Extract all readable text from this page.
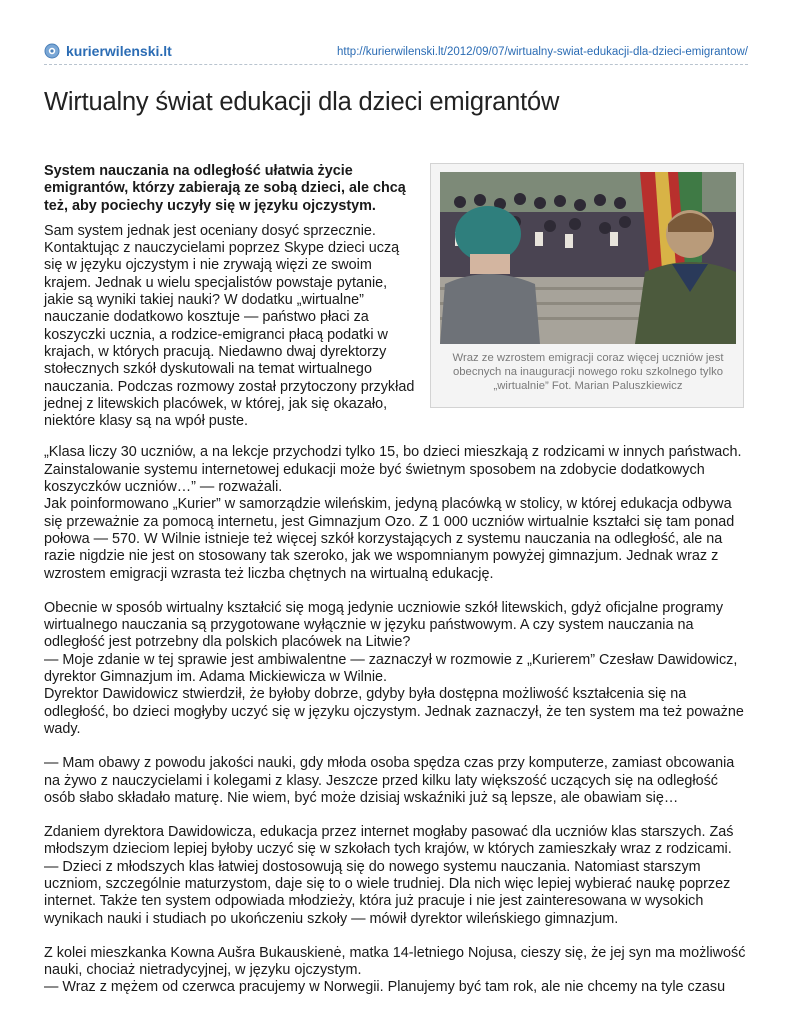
kurierwilenski.lt	http://kurierwilenski.lt/2012/09/07/wirtualny-swiat-edukacji-dla-dzieci-emigrantow/
Wirtualny świat edukacji dla dzieci emigrantów

System nauczania na odległość ułatwia życie emigrantów, którzy zabierają ze sobą dzieci, ale chcą też, aby pociechy uczyły się w języku ojczystym.

Sam system jednak jest oceniany dosyć sprzecznie. Kontaktując z nauczycielami poprzez Skype dzieci uczą się w języku ojczystym i nie zrywają więzi ze swoim krajem. Jednak u wielu specjalistów powstaje pytanie, jakie są wyniki takiej nauki? W dodatku „wirtualne” nauczanie dodatkowo kosztuje — państwo płaci za koszyczki ucznia, a rodzice-emigranci płacą podatki w krajach, w których pracują. Niedawno dwaj dyrektorzy stołecznych szkół dyskutowali na temat wirtualnego nauczania. Podczas rozmowy został przytoczony przykład jednej z litewskich placówek, w której, jak się okazało, niektóre klasy są na wpół puste.

Wraz ze wzrostem emigracji coraz więcej uczniów jest obecnych na inauguracji nowego roku szkolnego tylko „wirtualnie” Fot. Marian Paluszkiewicz

„Klasa liczy 30 uczniów, a na lekcje przychodzi tylko 15, bo dzieci mieszkają z rodzicami w innych państwach. Zainstalowanie systemu internetowej edukacji może być świetnym sposobem na zdobycie dodatkowych koszyczków uczniów…” — rozważali.

Jak poinformowano „Kurier” w samorządzie wileńskim, jedyną placówką w stolicy, w której edukacja odbywa się przeważnie za pomocą internetu, jest Gimnazjum Ozo. Z 1 000 uczniów wirtualnie kształci się tam ponad połowa — 570. W Wilnie istnieje też więcej szkół korzystających z systemu nauczania na odległość, ale na razie nigdzie nie jest on stosowany tak szeroko, jak we wspomnianym powyżej gimnazjum. Jednak wraz z wzrostem emigracji wzrasta też liczba chętnych na wirtualną edukację.

Obecnie w sposób wirtualny kształcić się mogą jedynie uczniowie szkół litewskich, gdyż oficjalne programy wirtualnego nauczania są przygotowane wyłącznie w języku państwowym. A czy system nauczania na odległość jest potrzebny dla polskich placówek na Litwie?

— Moje zdanie w tej sprawie jest ambiwalentne — zaznaczył w rozmowie z „Kurierem” Czesław Dawidowicz, dyrektor Gimnazjum im. Adama Mickiewicza w Wilnie.

Dyrektor Dawidowicz stwierdził, że byłoby dobrze, gdyby była dostępna możliwość kształcenia się na odległość, bo dzieci mogłyby uczyć się w języku ojczystym. Jednak zaznaczył, że ten system ma też poważne wady.

— Mam obawy z powodu jakości nauki, gdy młoda osoba spędza czas przy komputerze, zamiast obcowania na żywo z nauczycielami i kolegami z klasy. Jeszcze przed kilku laty większość uczących się na odległość osób słabo składało maturę. Nie wiem, być może dzisiaj wskaźniki już są lepsze, ale obawiam się…

Zdaniem dyrektora Dawidowicza, edukacja przez internet mogłaby pasować dla uczniów klas starszych. Zaś młodszym dzieciom lepiej byłoby uczyć się w szkołach tych krajów, w których zamieszkały wraz z rodzicami.

— Dzieci z młodszych klas łatwiej dostosowują się do nowego systemu nauczania. Natomiast starszym uczniom, szczególnie maturzystom, daje się to o wiele trudniej. Dla nich więc lepiej wybierać naukę poprzez internet. Także ten system odpowiada młodzieży, która już pracuje i nie jest zainteresowana w wysokich wynikach nauki i studiach po ukończeniu szkoły — mówił dyrektor wileńskiego gimnazjum.

Z kolei mieszkanka Kowna Aušra Bukauskienė, matka 14-letniego Nojusa, cieszy się, że jej syn ma możliwość nauki, chociaż nietradycyjnej, w języku ojczystym.

— Wraz z mężem od czerwca pracujemy w Norwegii. Planujemy być tam rok, ale nie chcemy na tyle czasu
